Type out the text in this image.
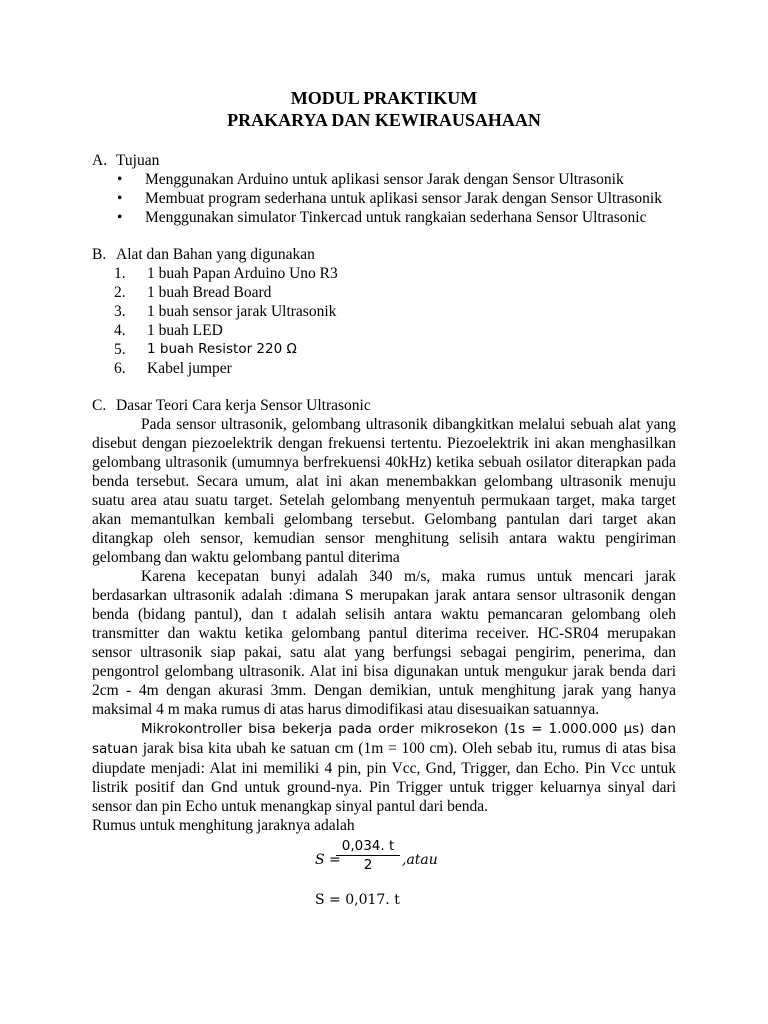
MODUL PRAKTIKUM

PRAKARYA DAN KEWIRAUSAHAAN

A. Tujuan
•	Menggunakan Arduino untuk aplikasi sensor Jarak dengan Sensor Ultrasonik
•	Membuat program sederhana untuk aplikasi sensor Jarak dengan Sensor Ultrasonik
•	Menggunakan simulator Tinkercad untuk rangkaian sederhana Sensor Ultrasonic
B. Alat dan Bahan yang digunakan
1.	1 buah Papan Arduino Uno R3
2.	1 buah Bread Board
3.	1 buah sensor jarak Ultrasonik
4.	1 buah LED
5.	1 buah Resistor 220 Ω
6.	Kabel jumper
C. Dasar Teori Cara kerja Sensor Ultrasonic

Pada sensor ultrasonik, gelombang ultrasonik dibangkitkan melalui sebuah alat yang disebut dengan piezoelektrik dengan frekuensi tertentu. Piezoelektrik ini akan menghasilkan gelombang ultrasonik (umumnya berfrekuensi 40kHz) ketika sebuah osilator diterapkan pada benda tersebut. Secara umum, alat ini akan menembakkan gelombang ultrasonik menuju suatu area atau suatu target. Setelah gelombang menyentuh permukaan target, maka target akan memantulkan kembali gelombang tersebut. Gelombang pantulan dari target akan ditangkap oleh sensor, kemudian sensor menghitung selisih antara waktu pengiriman gelombang dan waktu gelombang pantul diterima

Karena kecepatan bunyi adalah 340 m/s, maka rumus untuk mencari jarak berdasarkan ultrasonik adalah :dimana S merupakan jarak antara sensor ultrasonik dengan benda (bidang pantul), dan t adalah selisih antara waktu pemancaran gelombang oleh transmitter dan waktu ketika gelombang pantul diterima receiver. HC-SR04 merupakan sensor ultrasonik siap pakai, satu alat yang berfungsi sebagai pengirim, penerima, dan pengontrol gelombang ultrasonik. Alat ini bisa digunakan untuk mengukur jarak benda dari 2cm - 4m dengan akurasi 3mm. Dengan demikian, untuk menghitung jarak yang hanya maksimal 4 m maka rumus di atas harus dimodifikasi atau disesuaikan satuannya.

Mikrokontroller bisa bekerja pada order mikrosekon (1s = 1.000.000 µs) dan satuan jarak bisa kita ubah ke satuan cm (1m = 100 cm). Oleh sebab itu, rumus di atas bisa diupdate menjadi: Alat ini memiliki 4 pin, pin Vcc, Gnd, Trigger, dan Echo. Pin Vcc untuk listrik positif dan Gnd untuk ground-nya. Pin Trigger untuk trigger keluarnya sinyal dari sensor dan pin Echo untuk menangkap sinyal pantul dari benda.

Rumus untuk menghitung jaraknya adalah

S =
$\frac{0,034. t}{2}$ ,atau
S = 0,017. t
